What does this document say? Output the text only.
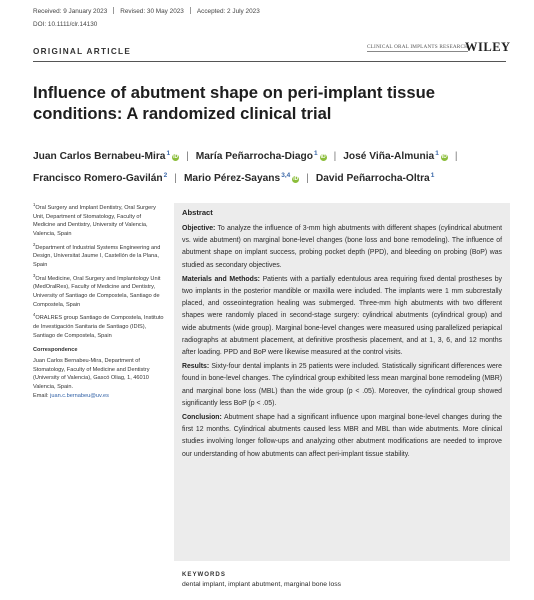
Received: 9 January 2023 Revised: 30 May 2023 Accepted: 2 July 2023
DOI: 10.1111/clr.14130
ORIGINAL ARTICLE	CLINICAL ORAL IMPLANTS RESEARCH
WILEY
Influence of abutment shape on peri-implant tissue conditions: A randomized clinical trial
Juan Carlos Bernabeu-Mira$^1$ iD | María Peñarrocha-Diago$^1$ iD | José Viña-Almunia$^1$ iD |
Francisco Romero-Gavilán$^2$ | Mario Pérez-Sayans$^{3,4}$ iD | David Peñarrocha-Oltra$^1$

$^1$Oral Surgery and Implant Dentistry, Oral Surgery Unit, Department of Stomatology, Faculty of Medicine and Dentistry, University of Valencia, Valencia, Spain

$^2$Department of Industrial Systems Engineering and Design, Universitat Jaume I, Castellón de la Plana, Spain

$^3$Oral Medicine, Oral Surgery and Implantology Unit (MedOralRes), Faculty of Medicine and Dentistry, University of Santiago de Compostela, Santiago de Compostela, Spain

$^4$ORALRES group Santiago de Compostela, Instituto de Investigación Sanitaria de Santiago (IDIS), Santiago de Compostela, Spain

Correspondence

Juan Carlos Bernabeu-Mira, Department of Stomatology, Faculty of Medicine and Dentistry (University of Valencia), Gascó Oliag, 1, 46010 Valencia, Spain.
Email: juan.c.bernabeu@uv.es

Abstract

Objective: To analyze the influence of 3-mm high abutments with different shapes (cylindrical abutment vs. wide abutment) on marginal bone-level changes (bone loss and bone remodeling). The influence of abutment shape on implant success, probing pocket depth (PPD), and bleeding on probing (BoP) was studied as secondary objectives.

Materials and Methods: Patients with a partially edentulous area requiring fixed dental prostheses by two implants in the posterior mandible or maxilla were included. The implants were 1 mm subcrestally placed, and osseointegration healing was submerged. Three-mm high abutments with two different shapes were randomly placed in second-stage surgery: cylindrical abutments (cylindrical group) and wide abutments (wide group). Marginal bone-level changes were measured using parallelized periapical radiographs at abutment placement, at definitive prosthesis placement, and at 1, 3, 6, and 12 months after loading. PPD and BoP were likewise measured at the control visits.

Results: Sixty-four dental implants in 25 patients were included. Statistically significant differences were found in bone-level changes. The cylindrical group exhibited less mean marginal bone remodeling (MBR) and marginal bone loss (MBL) than the wide group (p < .05). Moreover, the cylindrical group showed significantly less BoP (p < .05).

Conclusion: Abutment shape had a significant influence upon marginal bone-level changes during the first 12 months. Cylindrical abutments caused less MBR and MBL than wide abutments. More clinical studies involving longer follow-ups and analyzing other abutment modifications are needed to improve our understanding of how abutments can affect peri-implant tissue stability.

KEYWORDS
dental implant, implant abutment, marginal bone loss
